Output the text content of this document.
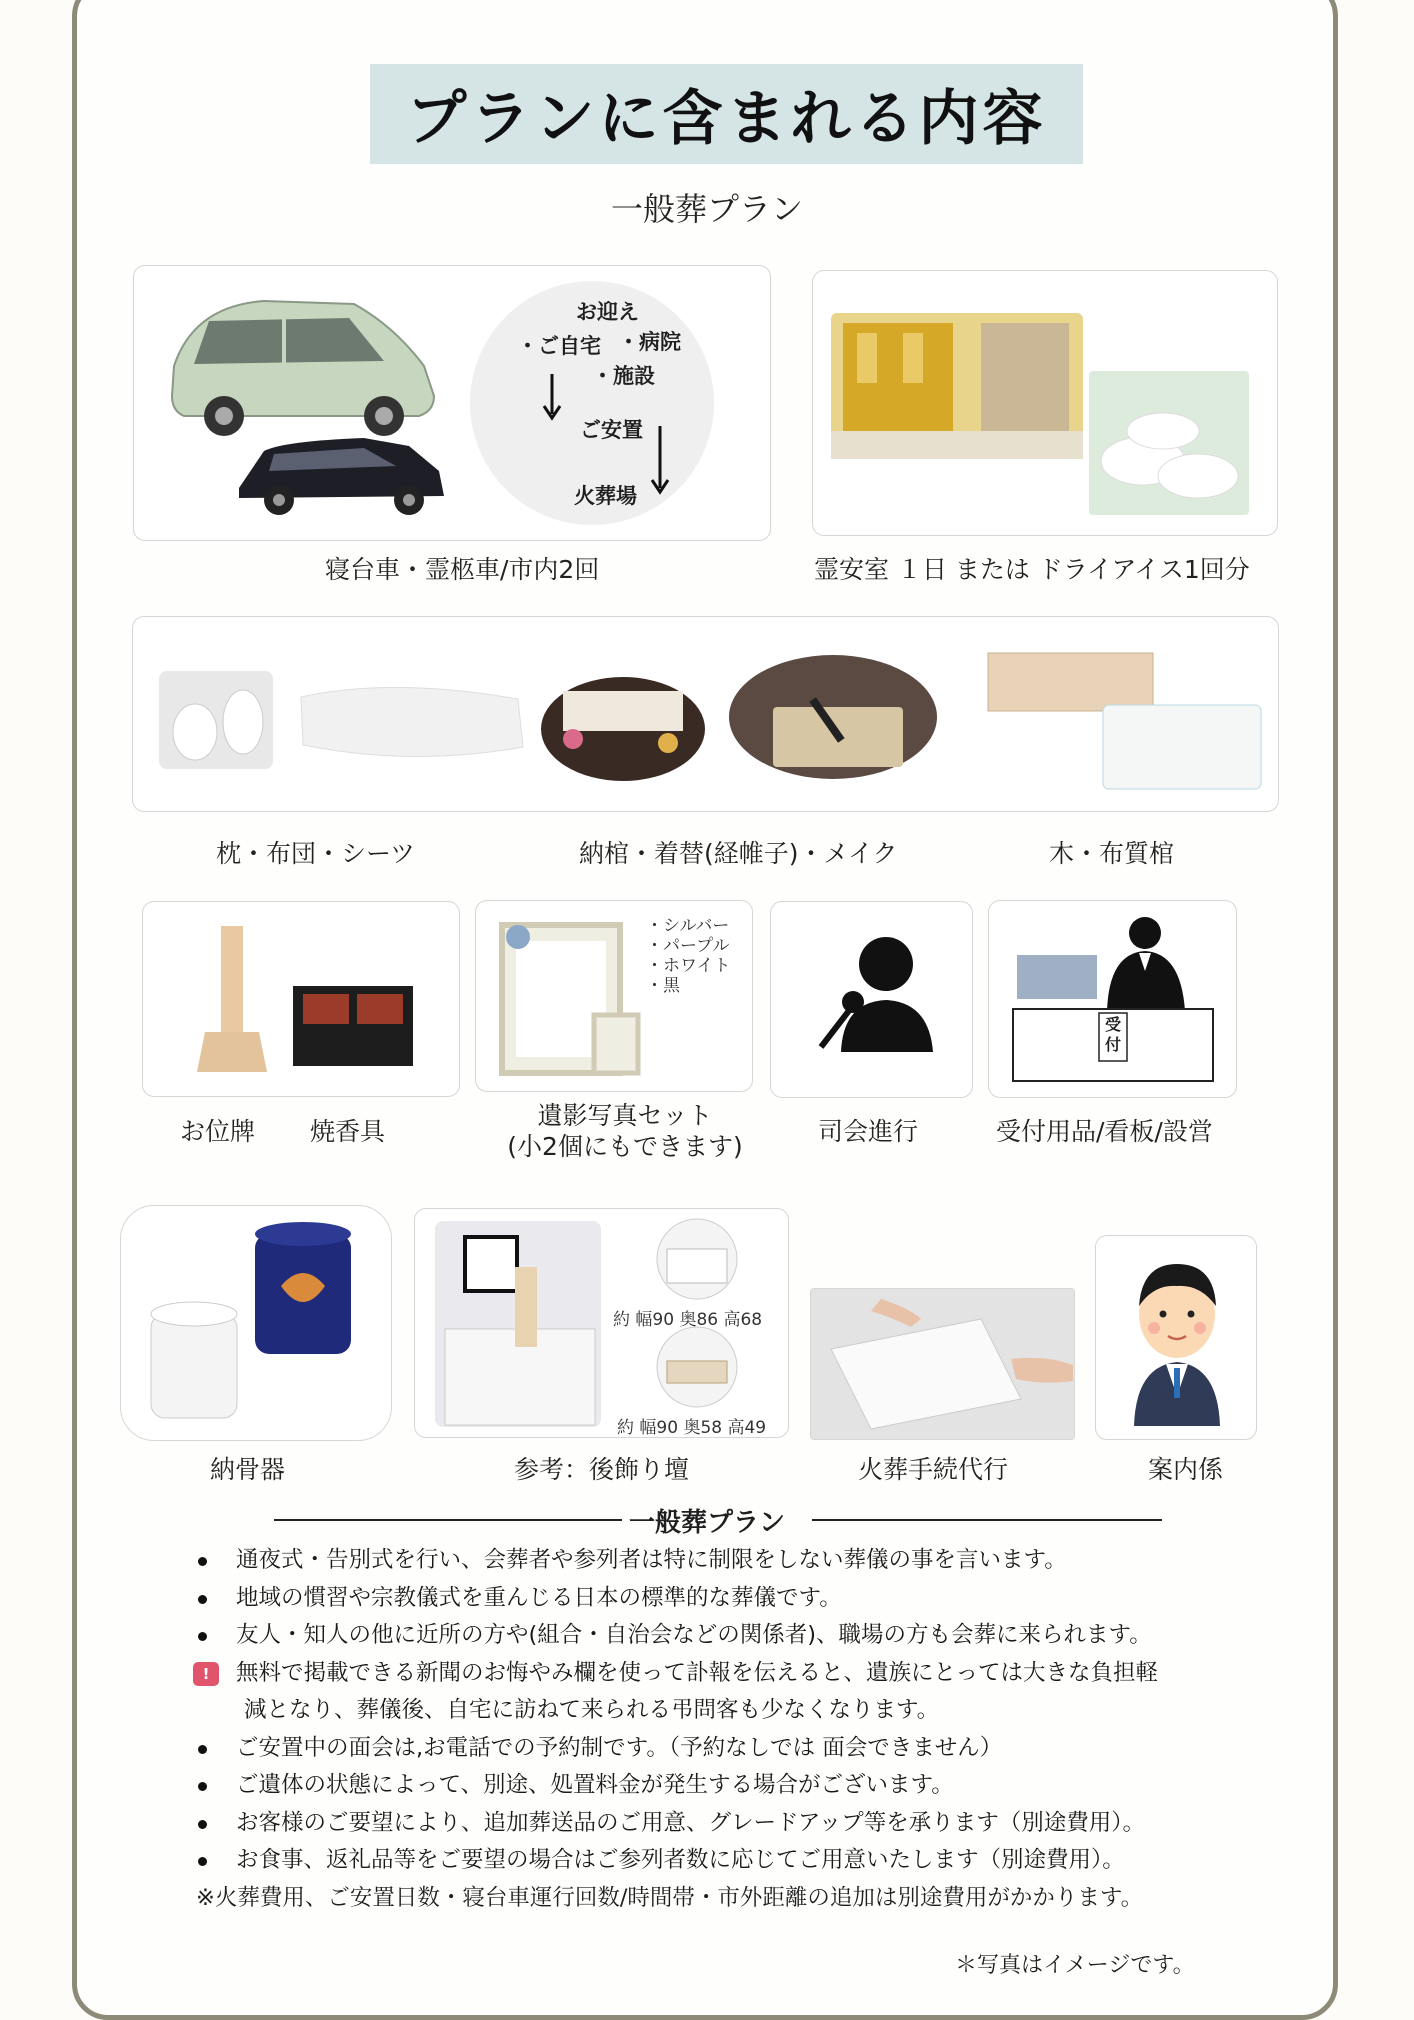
プランに含まれる内容
一般葬プラン
お迎え
・ご自宅 ・病院
・施設
ご安置
火葬場
寝台車・霊柩車/市内2回	霊安室 １日 または ドライアイス1回分
枕・布団・シーツ	納棺・着替(経帷子)・メイク	木・布質棺
お位牌 焼香具
・シルバー
・パープル
・ホワイト
・黒
遺影写真セット
(小2個にもできます)
司会進行
受付
受付用品/看板/設営
納骨器
約 幅90 奥86 高68
約 幅90 奥58 高49
参考：後飾り壇	火葬手続代行	案内係
一般葬プラン
通夜式・告別式を行い、会葬者や参列者は特に制限をしない葬儀の事を言います。
地域の慣習や宗教儀式を重んじる日本の標準的な葬儀です。
友人・知人の他に近所の方や(組合・自治会などの関係者)、職場の方も会葬に来られます。
!	無料で掲載できる新聞のお悔やみ欄を使って訃報を伝えると、遺族にとっては大きな負担軽
減となり、葬儀後、自宅に訪ねて来られる弔問客も少なくなります。
ご安置中の面会は,お電話での予約制です。（予約なしでは 面会できません）
ご遺体の状態によって、別途、処置料金が発生する場合がございます。
お客様のご要望により、追加葬送品のご用意、グレードアップ等を承ります（別途費用）。
お食事、返礼品等をご要望の場合はご参列者数に応じてご用意いたします（別途費用）。
※火葬費用、ご安置日数・寝台車運行回数/時間帯・市外距離の追加は別途費用がかかります。
＊写真はイメージです。
